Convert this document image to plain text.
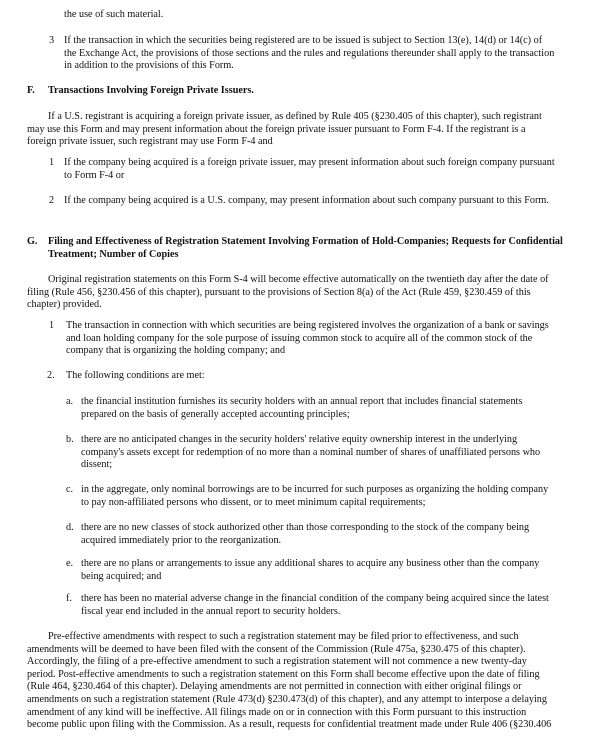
the use of such material.
3 If the transaction in which the securities being registered are to be issued is subject to Section 13(e), 14(d) or 14(c) of
the Exchange Act, the provisions of those sections and the rules and regulations thereunder shall apply to the transaction
in addition to the provisions of this Form.
F. Transactions Involving Foreign Private Issuers.
If a U.S. registrant is acquiring a foreign private issuer, as defined by Rule 405 (§230.405 of this chapter), such registrant
may use this Form and may present information about the foreign private issuer pursuant to Form F-4. If the registrant is a
foreign private issuer, such registrant may use Form F-4 and
1 If the company being acquired is a foreign private issuer, may present information about such foreign company pursuant
to Form F-4 or
2 If the company being acquired is a U.S. company, may present information about such company pursuant to this Form.
G. Filing and Effectiveness of Registration Statement Involving Formation of Hold-Companies; Requests for Confidential
Treatment; Number of Copies
Original registration statements on this Form S-4 will become effective automatically on the twentieth day after the date of
filing (Rule 456, §230.456 of this chapter), pursuant to the provisions of Section 8(a) of the Act (Rule 459, §230.459 of this
chapter) provided.
1 The transaction in connection with which securities are being registered involves the organization of a bank or savings
and loan holding company for the sole purpose of issuing common stock to acquire all of the common stock of the
company that is organizing the holding company; and
2. The following conditions are met:
a. the financial institution furnishes its security holders with an annual report that includes financial statements
prepared on the basis of generally accepted accounting principles;
b. there are no anticipated changes in the security holders' relative equity ownership interest in the underlying
company's assets except for redemption of no more than a nominal number of shares of unaffiliated persons who
dissent;
c. in the aggregate, only nominal borrowings are to be incurred for such purposes as organizing the holding company
to pay non-affiliated persons who dissent, or to meet minimum capital requirements;
d. there are no new classes of stock authorized other than those corresponding to the stock of the company being
acquired immediately prior to the reorganization.
e. there are no plans or arrangements to issue any additional shares to acquire any business other than the company
being acquired; and
f. there has been no material adverse change in the financial condition of the company being acquired since the latest
fiscal year end included in the annual report to security holders.
Pre-effective amendments with respect to such a registration statement may be filed prior to effectiveness, and such
amendments will be deemed to have been filed with the consent of the Commission (Rule 475a, §230.475 of this chapter).
Accordingly, the filing of a pre-effective amendment to such a registration statement will not commence a new twenty-day
period. Post-effective amendments to such a registration statement on this Form shall become effective upon the date of filing
(Rule 464, §230.464 of this chapter). Delaying amendments are not permitted in connection with either original filings or
amendments on such a registration statement (Rule 473(d) §230.473(d) of this chapter), and any attempt to interpose a delaying
amendment of any kind will be ineffective. All filings made on or in connection with this Form pursuant to this instruction
become public upon filing with the Commission. As a result, requests for confidential treatment made under Rule 406 (§230.406
